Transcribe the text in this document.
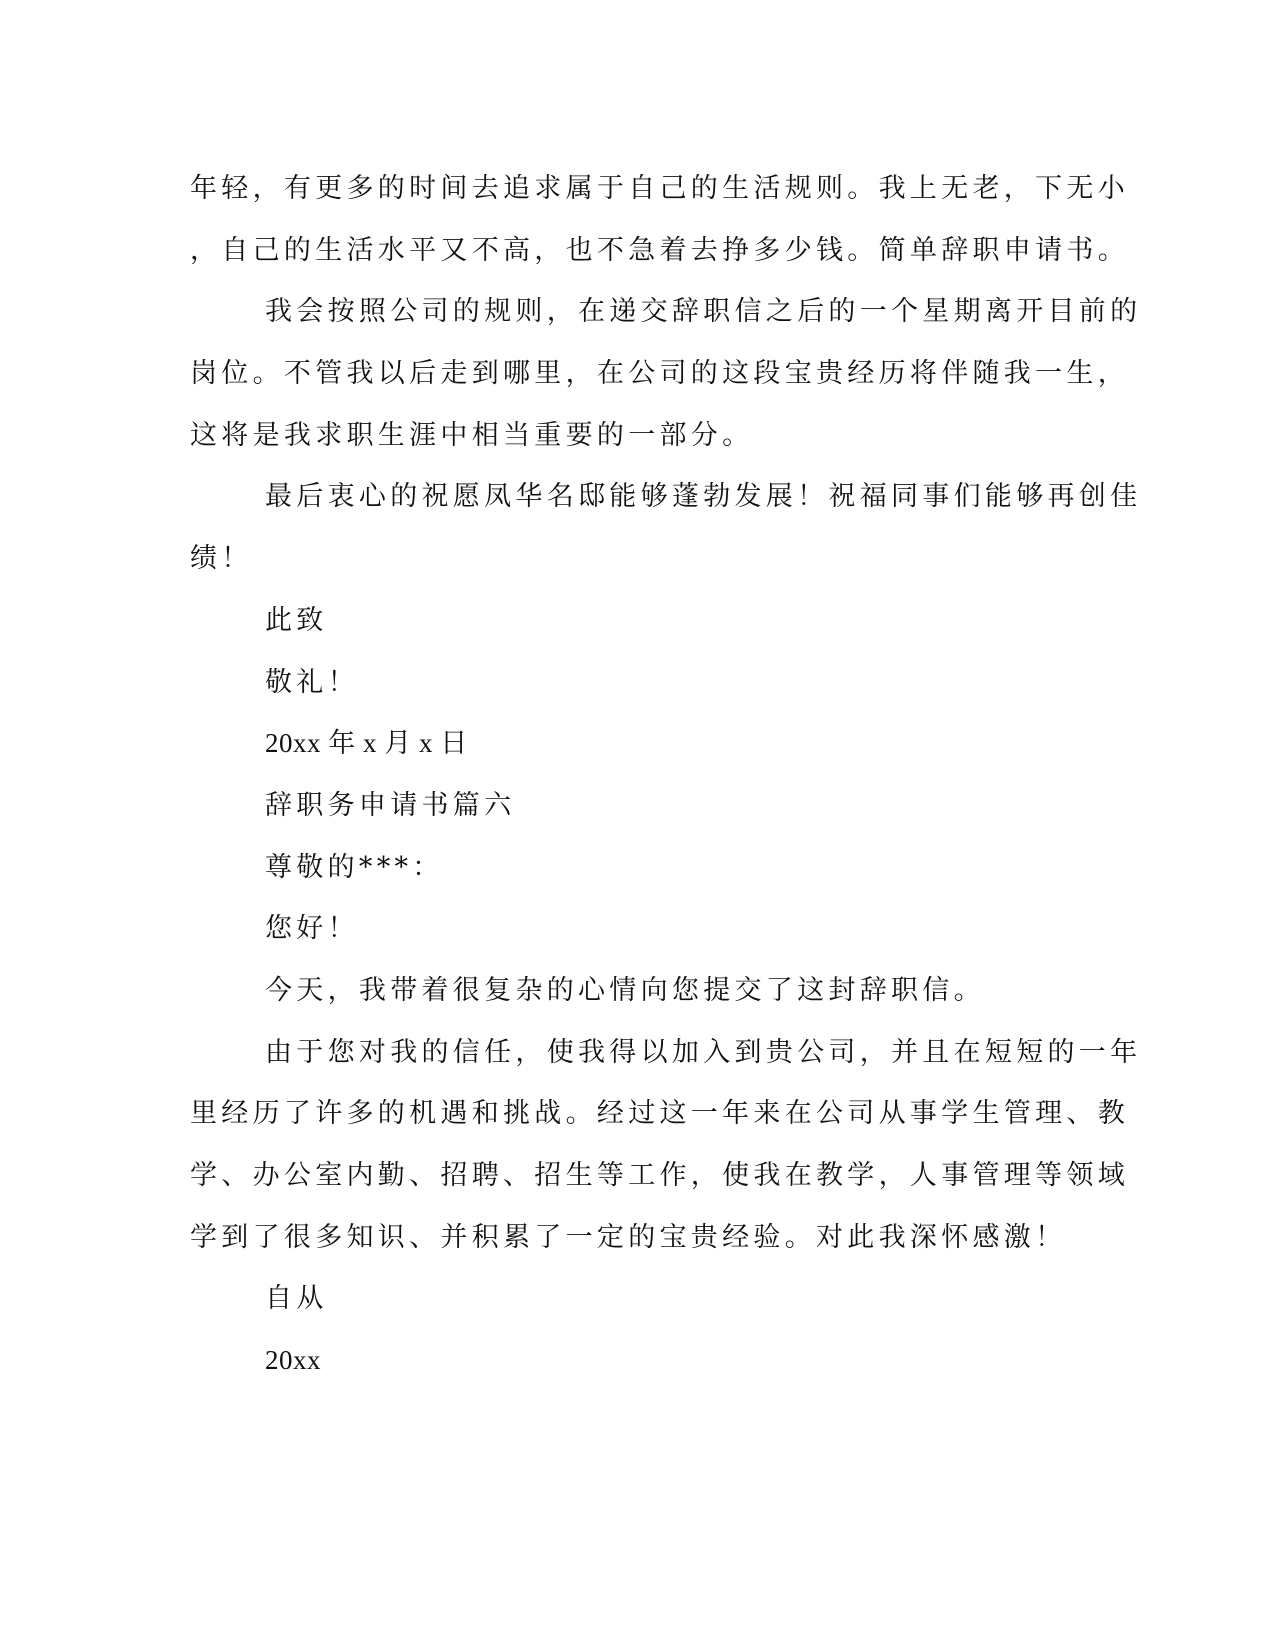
年轻，有更多的时间去追求属于自己的生活规则。我上无老，下无小
，自己的生活水平又不高，也不急着去挣多少钱。简单辞职申请书。
我会按照公司的规则，在递交辞职信之后的一个星期离开目前的
岗位。不管我以后走到哪里，在公司的这段宝贵经历将伴随我一生，
这将是我求职生涯中相当重要的一部分。
最后衷心的祝愿凤华名邸能够蓬勃发展！祝福同事们能够再创佳
绩！
此致
敬礼！
20xx 年 x 月 x 日
辞职务申请书篇六
尊敬的***：
您好！
今天，我带着很复杂的心情向您提交了这封辞职信。
由于您对我的信任，使我得以加入到贵公司，并且在短短的一年
里经历了许多的机遇和挑战。经过这一年来在公司从事学生管理、教
学、办公室内勤、招聘、招生等工作，使我在教学，人事管理等领域
学到了很多知识、并积累了一定的宝贵经验。对此我深怀感激！
自从
20xx
